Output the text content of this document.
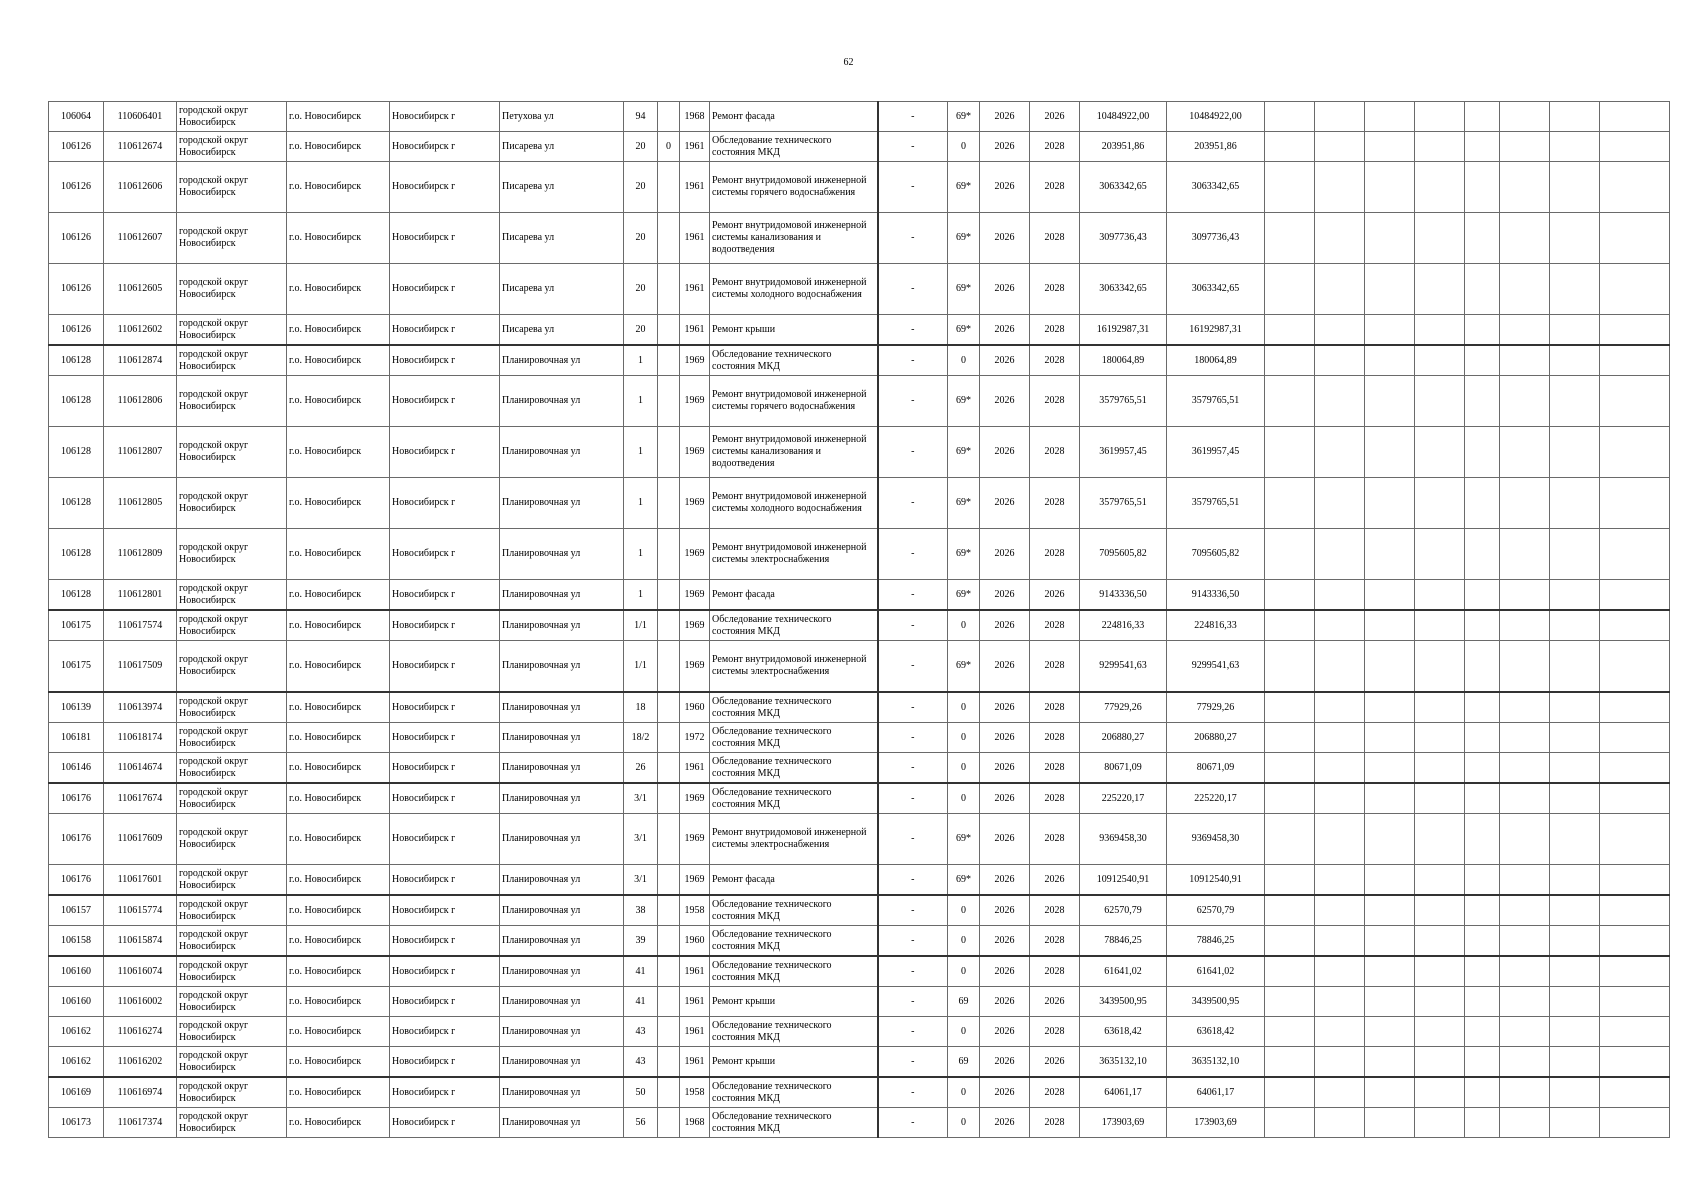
62
106064	110606401	городской округ Новосибирск	г.о. Новосибирск	Новосибирск г	Петухова ул	94		1968	Ремонт фасада	-	69*	2026	2026	10484922,00	10484922,00								
106126	110612674	городской округ Новосибирск	г.о. Новосибирск	Новосибирск г	Писарева ул	20	0	1961	Обследование технического состояния МКД	-	0	2026	2028	203951,86	203951,86								
106126	110612606	городской округ Новосибирск	г.о. Новосибирск	Новосибирск г	Писарева ул	20		1961	Ремонт внутридомовой инженерной системы горячего водоснабжения	-	69*	2026	2028	3063342,65	3063342,65								
106126	110612607	городской округ Новосибирск	г.о. Новосибирск	Новосибирск г	Писарева ул	20		1961	Ремонт внутридомовой инженерной системы канализования и водоотведения	-	69*	2026	2028	3097736,43	3097736,43								
106126	110612605	городской округ Новосибирск	г.о. Новосибирск	Новосибирск г	Писарева ул	20		1961	Ремонт внутридомовой инженерной системы холодного водоснабжения	-	69*	2026	2028	3063342,65	3063342,65								
106126	110612602	городской округ Новосибирск	г.о. Новосибирск	Новосибирск г	Писарева ул	20		1961	Ремонт крыши	-	69*	2026	2028	16192987,31	16192987,31								
106128	110612874	городской округ Новосибирск	г.о. Новосибирск	Новосибирск г	Планировочная ул	1		1969	Обследование технического состояния МКД	-	0	2026	2028	180064,89	180064,89								
106128	110612806	городской округ Новосибирск	г.о. Новосибирск	Новосибирск г	Планировочная ул	1		1969	Ремонт внутридомовой инженерной системы горячего водоснабжения	-	69*	2026	2028	3579765,51	3579765,51								
106128	110612807	городской округ Новосибирск	г.о. Новосибирск	Новосибирск г	Планировочная ул	1		1969	Ремонт внутридомовой инженерной системы канализования и водоотведения	-	69*	2026	2028	3619957,45	3619957,45								
106128	110612805	городской округ Новосибирск	г.о. Новосибирск	Новосибирск г	Планировочная ул	1		1969	Ремонт внутридомовой инженерной системы холодного водоснабжения	-	69*	2026	2028	3579765,51	3579765,51								
106128	110612809	городской округ Новосибирск	г.о. Новосибирск	Новосибирск г	Планировочная ул	1		1969	Ремонт внутридомовой инженерной системы электроснабжения	-	69*	2026	2028	7095605,82	7095605,82								
106128	110612801	городской округ Новосибирск	г.о. Новосибирск	Новосибирск г	Планировочная ул	1		1969	Ремонт фасада	-	69*	2026	2026	9143336,50	9143336,50								
106175	110617574	городской округ Новосибирск	г.о. Новосибирск	Новосибирск г	Планировочная ул	1/1		1969	Обследование технического состояния МКД	-	0	2026	2028	224816,33	224816,33								
106175	110617509	городской округ Новосибирск	г.о. Новосибирск	Новосибирск г	Планировочная ул	1/1		1969	Ремонт внутридомовой инженерной системы электроснабжения	-	69*	2026	2028	9299541,63	9299541,63								
106139	110613974	городской округ Новосибирск	г.о. Новосибирск	Новосибирск г	Планировочная ул	18		1960	Обследование технического состояния МКД	-	0	2026	2028	77929,26	77929,26								
106181	110618174	городской округ Новосибирск	г.о. Новосибирск	Новосибирск г	Планировочная ул	18/2		1972	Обследование технического состояния МКД	-	0	2026	2028	206880,27	206880,27								
106146	110614674	городской округ Новосибирск	г.о. Новосибирск	Новосибирск г	Планировочная ул	26		1961	Обследование технического состояния МКД	-	0	2026	2028	80671,09	80671,09								
106176	110617674	городской округ Новосибирск	г.о. Новосибирск	Новосибирск г	Планировочная ул	3/1		1969	Обследование технического состояния МКД	-	0	2026	2028	225220,17	225220,17								
106176	110617609	городской округ Новосибирск	г.о. Новосибирск	Новосибирск г	Планировочная ул	3/1		1969	Ремонт внутридомовой инженерной системы электроснабжения	-	69*	2026	2028	9369458,30	9369458,30								
106176	110617601	городской округ Новосибирск	г.о. Новосибирск	Новосибирск г	Планировочная ул	3/1		1969	Ремонт фасада	-	69*	2026	2026	10912540,91	10912540,91								
106157	110615774	городской округ Новосибирск	г.о. Новосибирск	Новосибирск г	Планировочная ул	38		1958	Обследование технического состояния МКД	-	0	2026	2028	62570,79	62570,79								
106158	110615874	городской округ Новосибирск	г.о. Новосибирск	Новосибирск г	Планировочная ул	39		1960	Обследование технического состояния МКД	-	0	2026	2028	78846,25	78846,25								
106160	110616074	городской округ Новосибирск	г.о. Новосибирск	Новосибирск г	Планировочная ул	41		1961	Обследование технического состояния МКД	-	0	2026	2028	61641,02	61641,02								
106160	110616002	городской округ Новосибирск	г.о. Новосибирск	Новосибирск г	Планировочная ул	41		1961	Ремонт крыши	-	69	2026	2026	3439500,95	3439500,95								
106162	110616274	городской округ Новосибирск	г.о. Новосибирск	Новосибирск г	Планировочная ул	43		1961	Обследование технического состояния МКД	-	0	2026	2028	63618,42	63618,42								
106162	110616202	городской округ Новосибирск	г.о. Новосибирск	Новосибирск г	Планировочная ул	43		1961	Ремонт крыши	-	69	2026	2026	3635132,10	3635132,10								
106169	110616974	городской округ Новосибирск	г.о. Новосибирск	Новосибирск г	Планировочная ул	50		1958	Обследование технического состояния МКД	-	0	2026	2028	64061,17	64061,17								
106173	110617374	городской округ Новосибирск	г.о. Новосибирск	Новосибирск г	Планировочная ул	56		1968	Обследование технического состояния МКД	-	0	2026	2028	173903,69	173903,69								
